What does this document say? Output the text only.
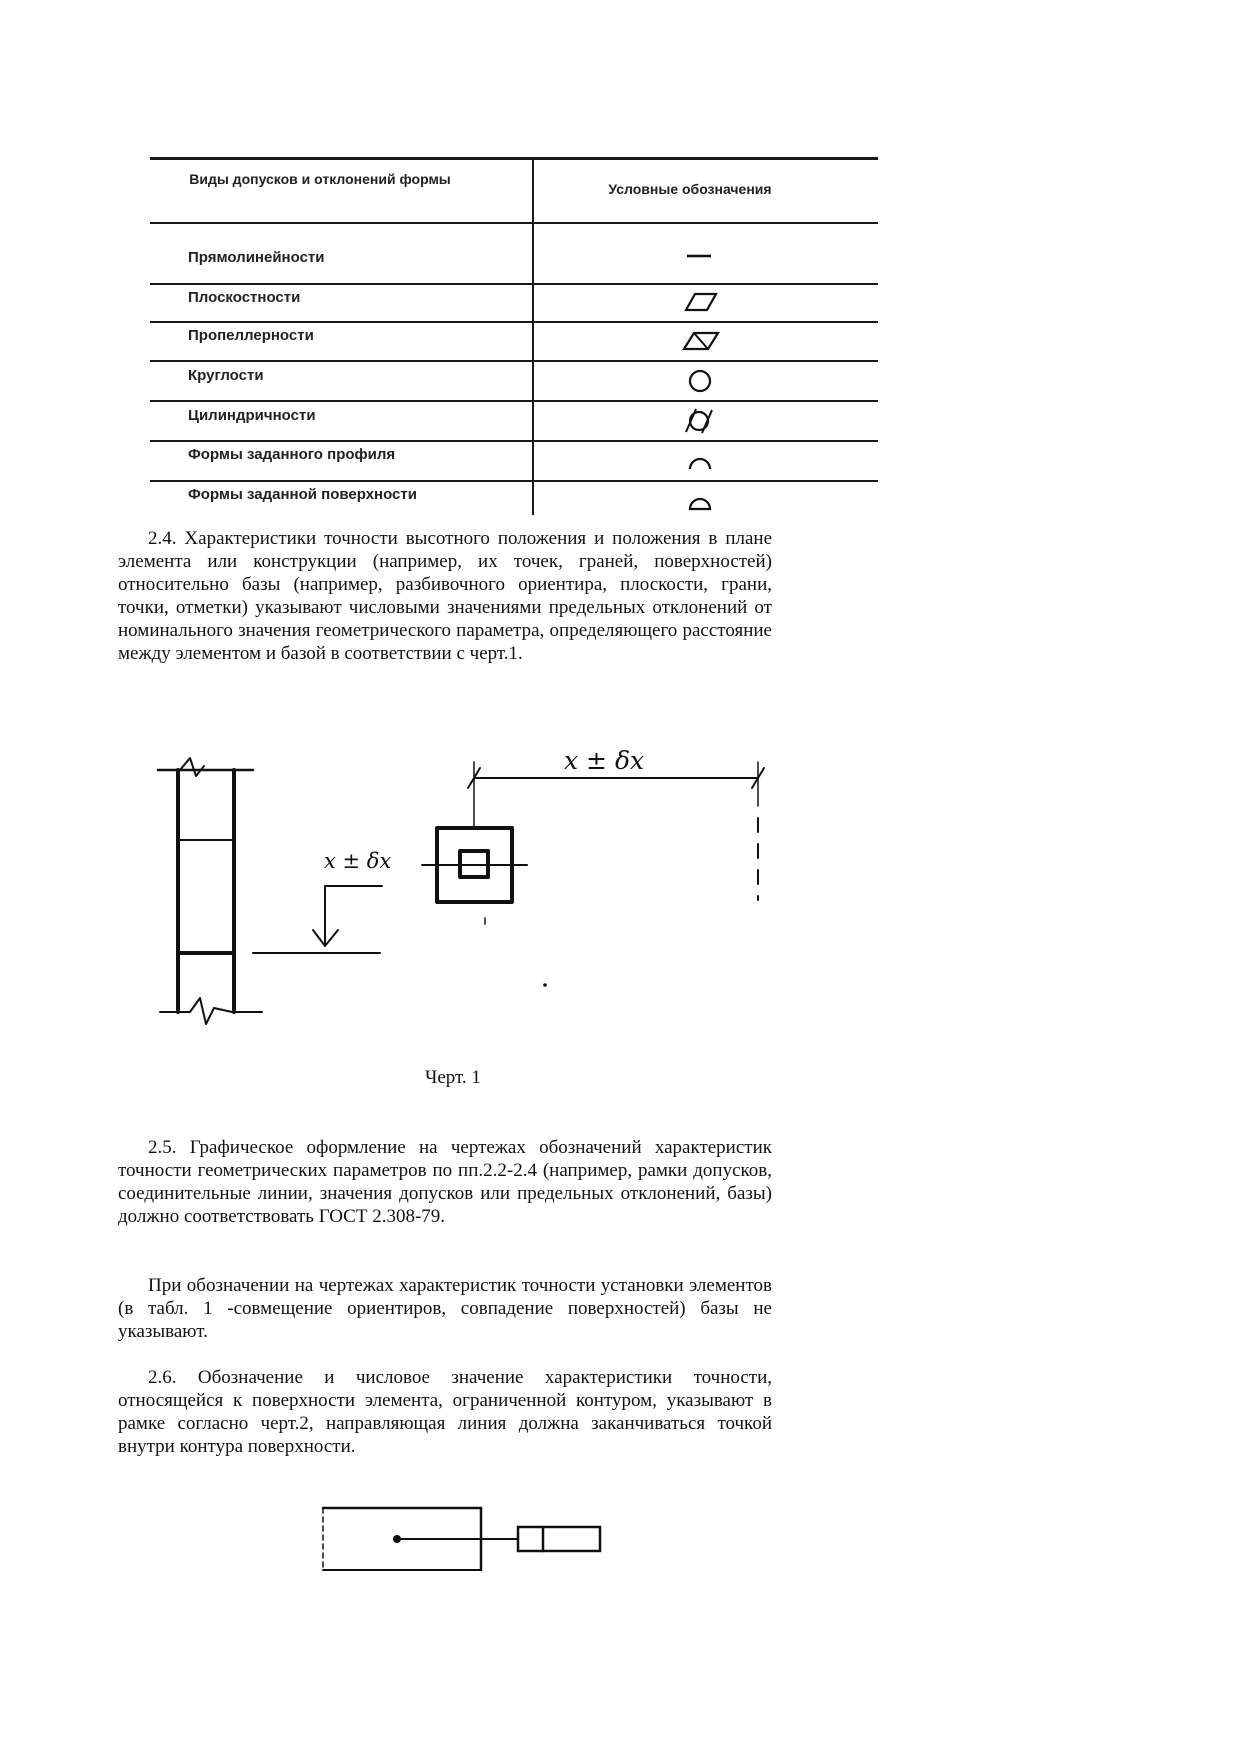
Виды допусков и отклонений формы
Условные обозначения
Прямолинейности
Плоскостности
Пропеллерности
Круглости
Цилиндричности
Формы заданного профиля
Формы заданной поверхности

2.4. Характеристики точности высотного положения и положения в плане элемента или конструкции (например, их точек, граней, поверхностей) относительно базы (например, разбивочного ориентира, плоскости, грани, точки, отметки) указывают числовыми значениями предельных отклонений от номинального значения геометрического параметра, определяющего расстояние между элементом и базой в соответствии с черт.1.

x ± δx
x ± δx
Черт. 1

2.5. Графическое оформление на чертежах обозначений характеристик точности геометрических параметров по пп.2.2-2.4 (например, рамки допусков, соединительные линии, значения допусков или предельных отклонений, базы) должно соответствовать ГОСТ 2.308-79.

При обозначении на чертежах характеристик точности установки элементов (в табл. 1 -совмещение ориентиров, совпадение поверхностей) базы не указывают.

2.6. Обозначение и числовое значение характеристики точности, относящейся к поверхности элемента, ограниченной контуром, указывают в рамке согласно черт.2, направляющая линия должна заканчиваться точкой внутри контура поверхности.
